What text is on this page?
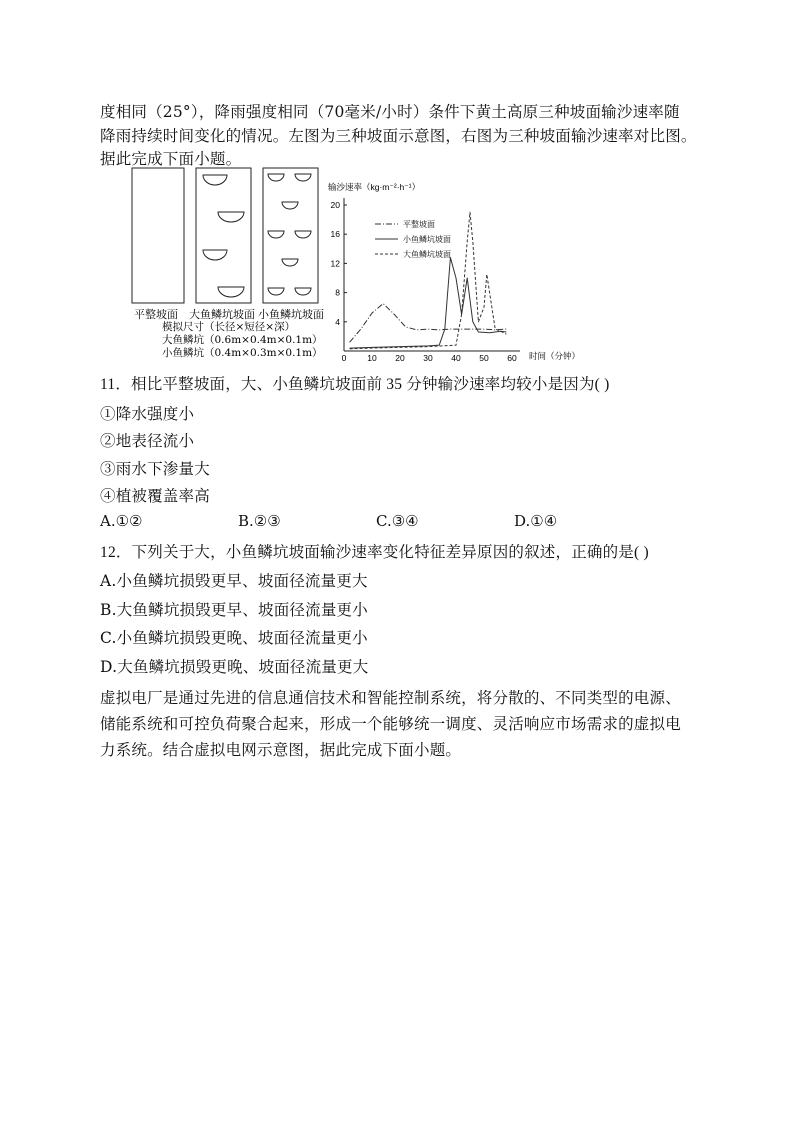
度相同（25°），降雨强度相同（70毫米/小时）条件下黄土高原三种坡面输沙速率随
降雨持续时间变化的情况。左图为三种坡面示意图，右图为三种坡面输沙速率对比图。
据此完成下面小题。
平整坡面 大鱼鳞坑坡面 小鱼鳞坑坡面
模拟尺寸（长径×短径×深）
大鱼鳞坑（0.6m×0.4m×0.1m）
小鱼鳞坑（0.4m×0.3m×0.1m）
输沙速率（kg·m⁻²·h⁻¹）
时间（分钟）
4
8
12
16
20
0 10 20 30 40 50 60
平整坡面
小鱼鳞坑坡面
大鱼鳞坑坡面
11．相比平整坡面，大、小鱼鳞坑坡面前 35 分钟输沙速率均较小是因为( )
①降水强度小
②地表径流小
③雨水下渗量大
④植被覆盖率高
A.①②	B.②③	C.③④	D.①④
12．下列关于大，小鱼鳞坑坡面输沙速率变化特征差异原因的叙述，正确的是( )
A.小鱼鳞坑损毁更早、坡面径流量更大
B.大鱼鳞坑损毁更早、坡面径流量更小
C.小鱼鳞坑损毁更晚、坡面径流量更小
D.大鱼鳞坑损毁更晚、坡面径流量更大
虚拟电厂是通过先进的信息通信技术和智能控制系统，将分散的、不同类型的电源、
储能系统和可控负荷聚合起来，形成一个能够统一调度、灵活响应市场需求的虚拟电
力系统。结合虚拟电网示意图，据此完成下面小题。
